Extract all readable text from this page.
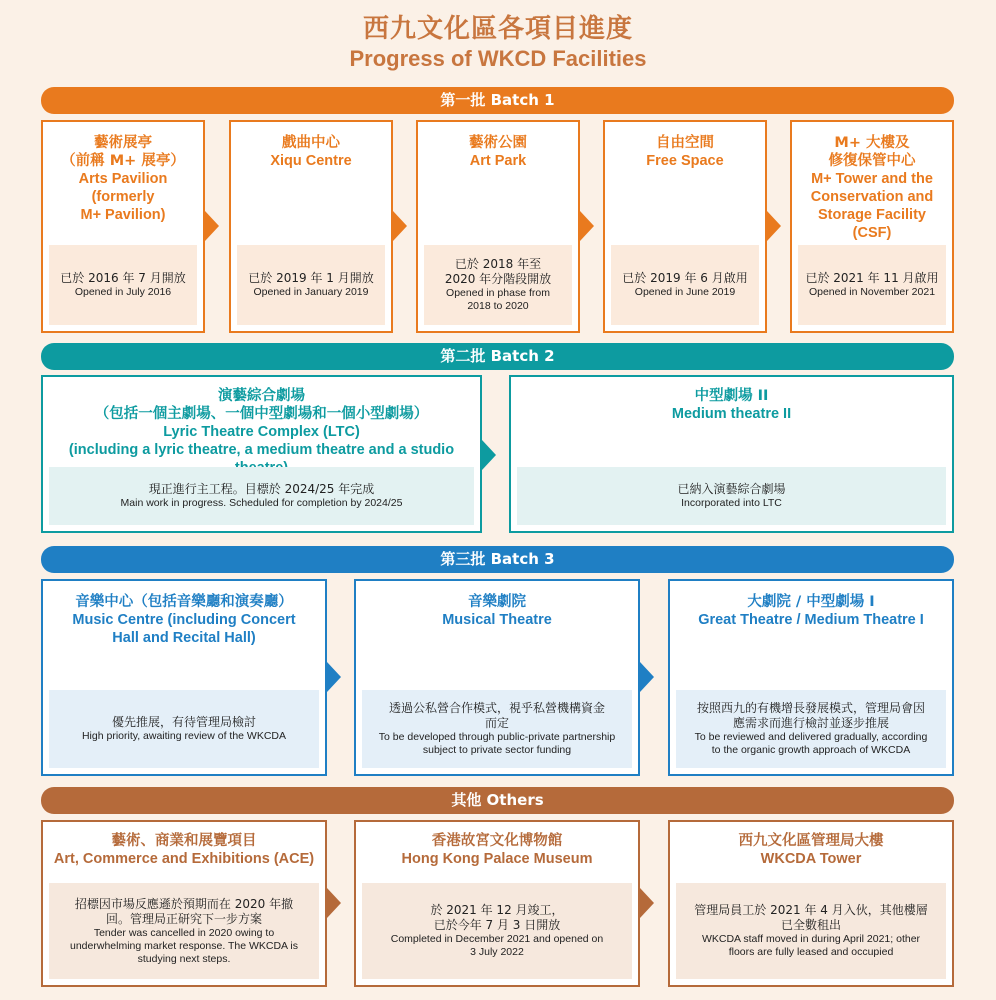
西九文化區各項目進度
Progress of WKCD Facilities
第一批 Batch 1
藝術展亭
（前稱 M+ 展亭）
Arts Pavilion
(formerly
M+ Pavilion)
已於 2016 年 7 月開放
Opened in July 2016
戲曲中心
Xiqu Centre
已於 2019 年 1 月開放
Opened in January 2019
藝術公園
Art Park
已於 2018 年至
2020 年分階段開放
Opened in phase from
2018 to 2020
自由空間
Free Space
已於 2019 年 6 月啟用
Opened in June 2019
M+ 大樓及
修復保管中心
M+ Tower and the
Conservation and
Storage Facility
(CSF)
已於 2021 年 11 月啟用
Opened in November 2021
第二批 Batch 2
演藝綜合劇場
（包括一個主劇場、一個中型劇場和一個小型劇場）
Lyric Theatre Complex (LTC)
(including a lyric theatre, a medium theatre and a studio
現正進行主工程。目標於 2024/25 年完成
Main work in progress. Scheduled for completion by 2024/25
中型劇場 II
Medium theatre II
已納入演藝綜合劇場
Incorporated into LTC
第三批 Batch 3
音樂中心（包括音樂廳和演奏廳）
Music Centre (including Concert
Hall and Recital Hall)
優先推展，有待管理局檢討
High priority, awaiting review of the WKCDA
音樂劇院
Musical Theatre
透過公私營合作模式，視乎私營機構資金
而定
To be developed through public-private partnership
subject to private sector funding
大劇院 / 中型劇場 I
Great Theatre / Medium Theatre I
按照西九的有機增長發展模式，管理局會因
應需求而進行檢討並逐步推展
To be reviewed and delivered gradually, according
to the organic growth approach of WKCDA
其他 Others
藝術、商業和展覽項目
Art, Commerce and Exhibitions (ACE)
招標因市場反應遜於預期而在 2020 年撤
回。管理局正研究下一步方案
Tender was cancelled in 2020 owing to
underwhelming market response. The WKCDA is
studying next steps.
香港故宮文化博物館
Hong Kong Palace Museum
於 2021 年 12 月竣工，
已於今年 7 月 3 日開放
Completed in December 2021 and opened on
3 July 2022
西九文化區管理局大樓
WKCDA Tower
管理局員工於 2021 年 4 月入伙，其他樓層
已全數租出
WKCDA staff moved in during April 2021; other
floors are fully leased and occupied
